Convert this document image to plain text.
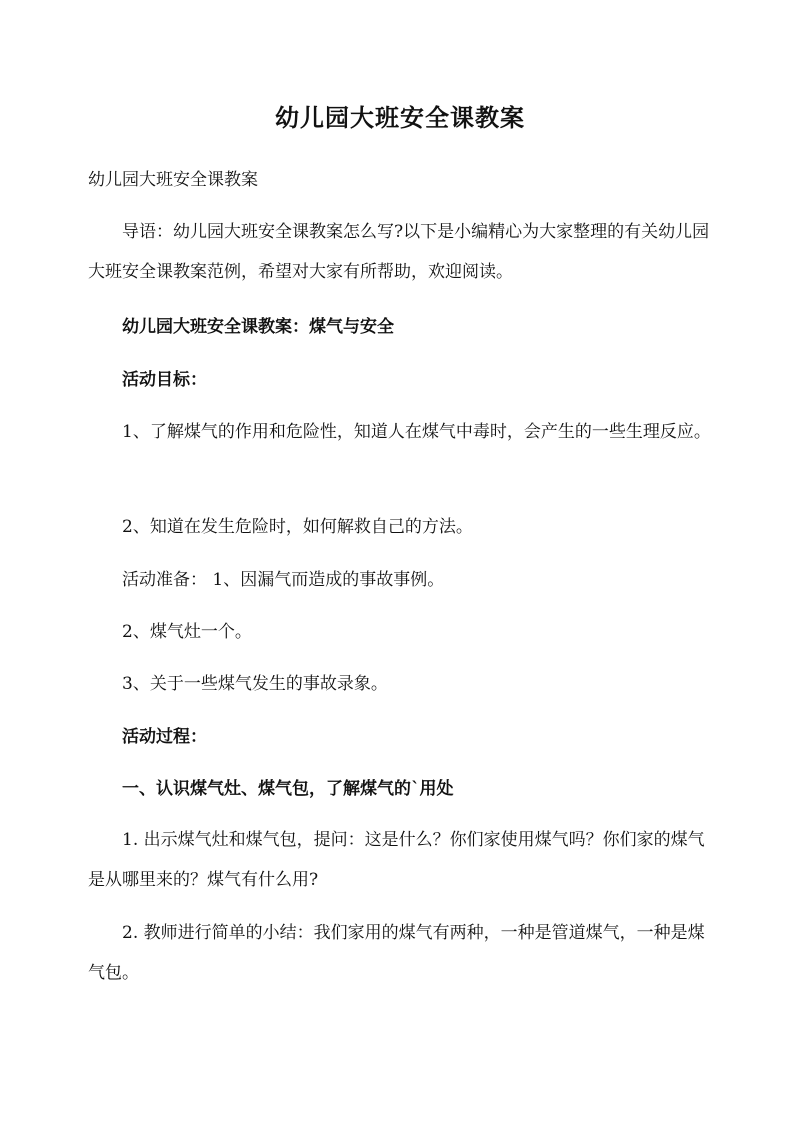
幼儿园大班安全课教案

幼儿园大班安全课教案

导语：幼儿园大班安全课教案怎么写?以下是小编精心为大家整理的有关幼儿园大班安全课教案范例，希望对大家有所帮助，欢迎阅读。

幼儿园大班安全课教案：煤气与安全

活动目标：

1、了解煤气的作用和危险性，知道人在煤气中毒时，会产生的一些生理反应。

2、知道在发生危险时，如何解救自己的方法。

活动准备： 1、因漏气而造成的事故事例。

2、煤气灶一个。

3、关于一些煤气发生的事故录象。

活动过程：

一、认识煤气灶、煤气包，了解煤气的`用处

1. 出示煤气灶和煤气包，提问：这是什么？你们家使用煤气吗？你们家的煤气是从哪里来的？煤气有什么用?

2. 教师进行简单的小结：我们家用的煤气有两种，一种是管道煤气，一种是煤气包。
